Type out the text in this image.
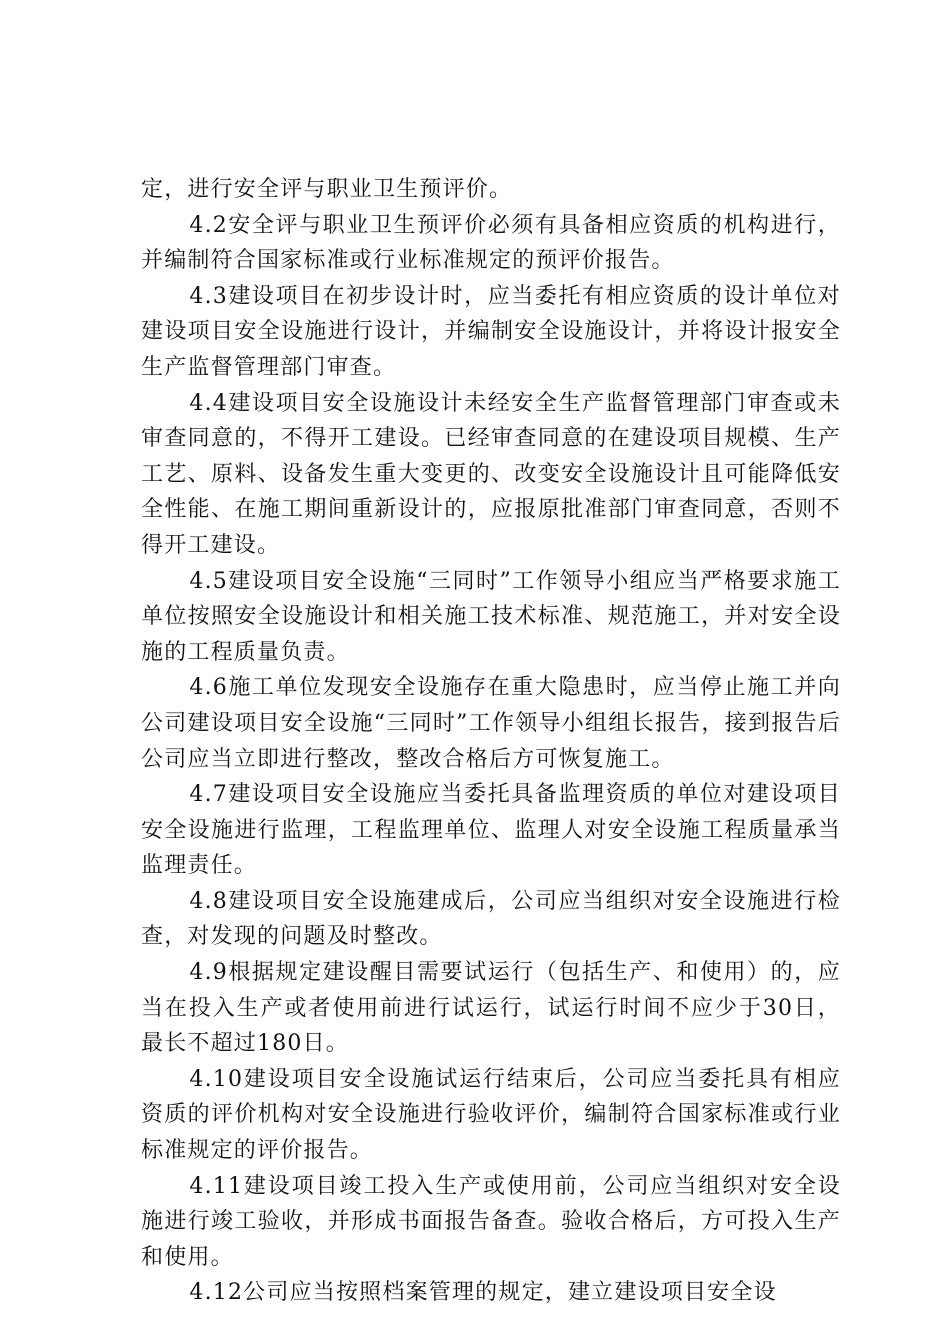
定，进行安全评与职业卫生预评价。

4.2安全评与职业卫生预评价必须有具备相应资质的机构进行，并编制符合国家标准或行业标准规定的预评价报告。

4.3建设项目在初步设计时，应当委托有相应资质的设计单位对建设项目安全设施进行设计，并编制安全设施设计，并将设计报安全生产监督管理部门审查。

4.4建设项目安全设施设计未经安全生产监督管理部门审查或未审查同意的，不得开工建设。已经审查同意的在建设项目规模、生产工艺、原料、设备发生重大变更的、改变安全设施设计且可能降低安全性能、在施工期间重新设计的，应报原批准部门审查同意，否则不得开工建设。

4.5建设项目安全设施“三同时”工作领导小组应当严格要求施工单位按照安全设施设计和相关施工技术标准、规范施工，并对安全设施的工程质量负责。

4.6施工单位发现安全设施存在重大隐患时，应当停止施工并向公司建设项目安全设施“三同时”工作领导小组组长报告，接到报告后公司应当立即进行整改，整改合格后方可恢复施工。

4.7建设项目安全设施应当委托具备监理资质的单位对建设项目安全设施进行监理，工程监理单位、监理人对安全设施工程质量承当监理责任。

4.8建设项目安全设施建成后，公司应当组织对安全设施进行检查，对发现的问题及时整改。

4.9根据规定建设醒目需要试运行（包括生产、和使用）的，应当在投入生产或者使用前进行试运行，试运行时间不应少于30日，最长不超过180日。

4.10建设项目安全设施试运行结束后，公司应当委托具有相应资质的评价机构对安全设施进行验收评价，编制符合国家标准或行业标准规定的评价报告。

4.11建设项目竣工投入生产或使用前，公司应当组织对安全设施进行竣工验收，并形成书面报告备查。验收合格后，方可投入生产和使用。

4.12公司应当按照档案管理的规定，建立建设项目安全设
